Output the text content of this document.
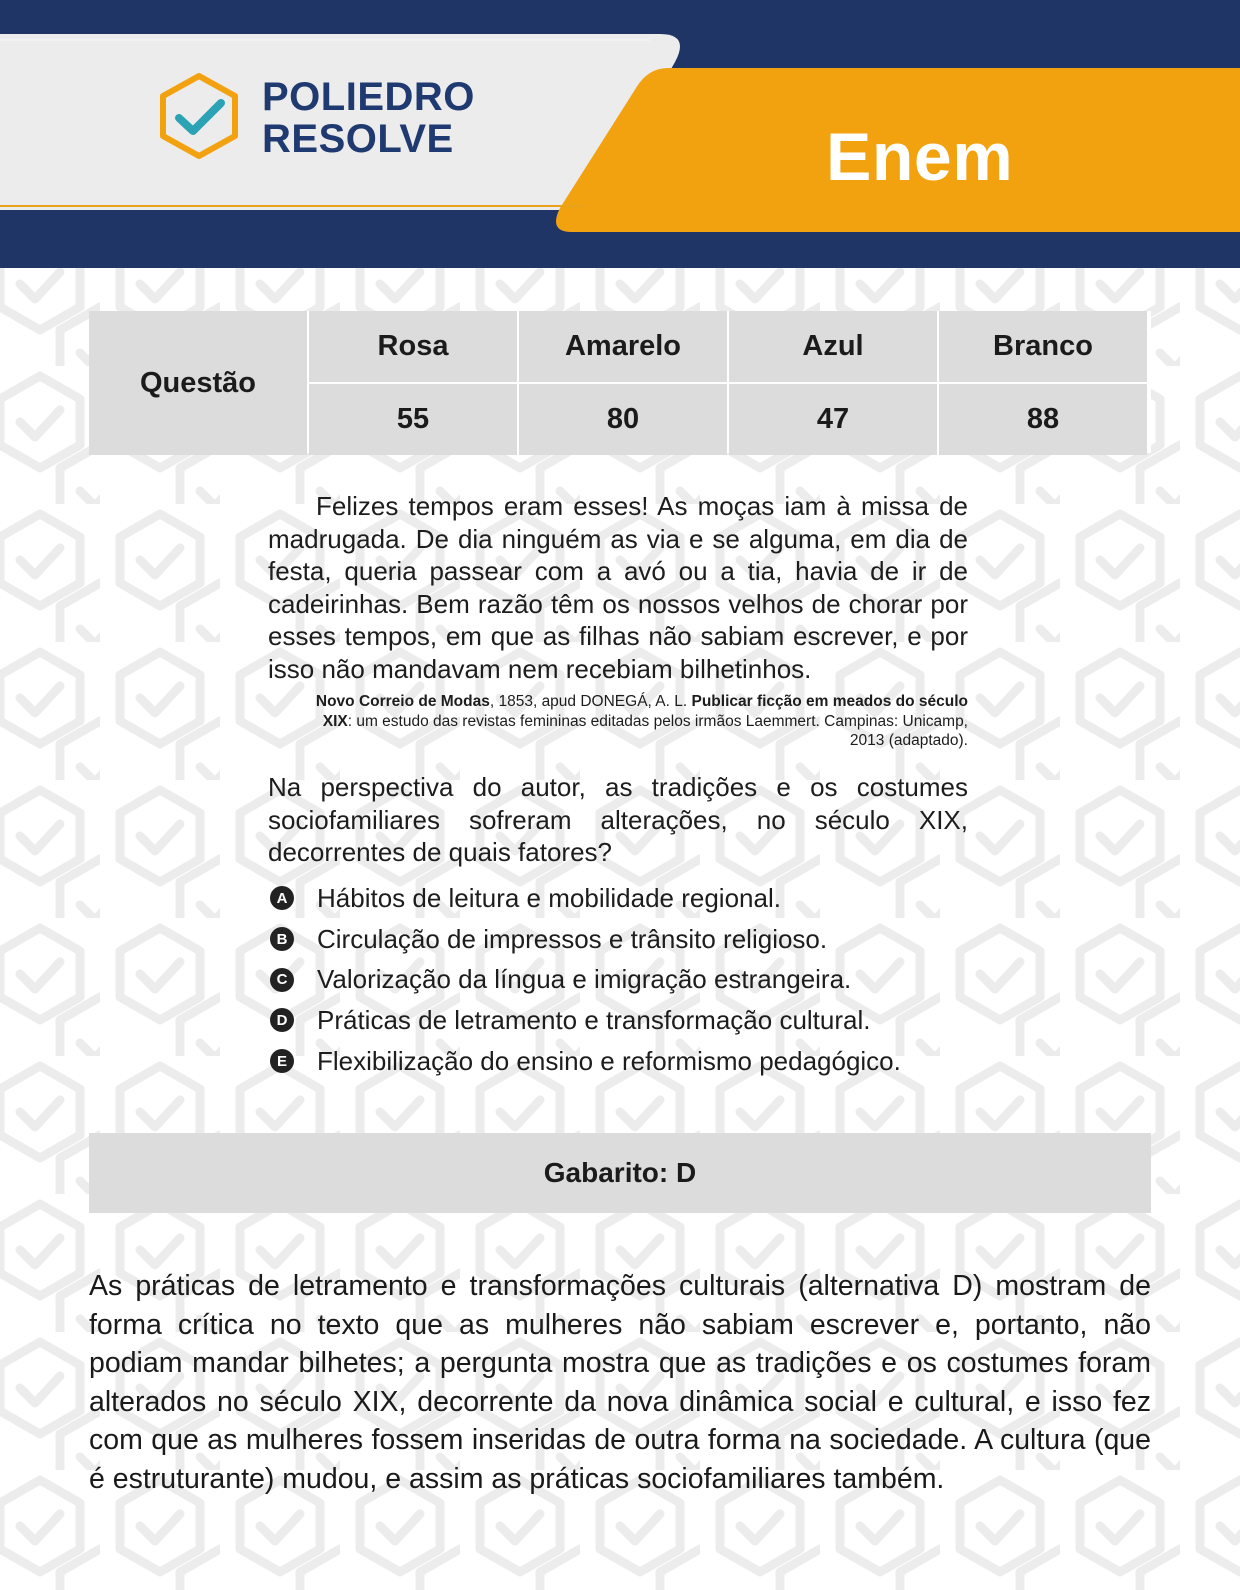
POLIEDRO
RESOLVE	Enem
Questão
Rosa	Amarelo	Azul	Branco
55	80	47	88

Felizes tempos eram esses! As moças iam à missa de madrugada. De dia ninguém as via e se alguma, em dia de festa, queria passear com a avó ou a tia, havia de ir de cadeirinhas. Bem razão têm os nossos velhos de chorar por esses tempos, em que as filhas não sabiam escrever, e por isso não mandavam nem recebiam bilhetinhos.

Novo Correio de Modas, 1853, apud DONEGÁ, A. L. Publicar ficção em meados do século XIX: um estudo das revistas femininas editadas pelos irmãos Laemmert. Campinas: Unicamp, 2013 (adaptado).
Na perspectiva do autor, as tradições e os costumes sociofamiliares sofreram alterações, no século XIX, decorrentes de quais fatores?
A Hábitos de leitura e mobilidade regional.
B Circulação de impressos e trânsito religioso.
C Valorização da língua e imigração estrangeira.
D Práticas de letramento e transformação cultural.
E Flexibilização do ensino e reformismo pedagógico.
Gabarito: D
As práticas de letramento e transformações culturais (alternativa D) mostram de forma crítica no texto que as mulheres não sabiam escrever e, portanto, não podiam mandar bilhetes; a pergunta mostra que as tradições e os costumes foram alterados no século XIX, decorrente da nova dinâmica social e cultural, e isso fez com que as mulheres fossem inseridas de outra forma na sociedade. A cultura (que é estruturante) mudou, e assim as práticas sociofamiliares também.
